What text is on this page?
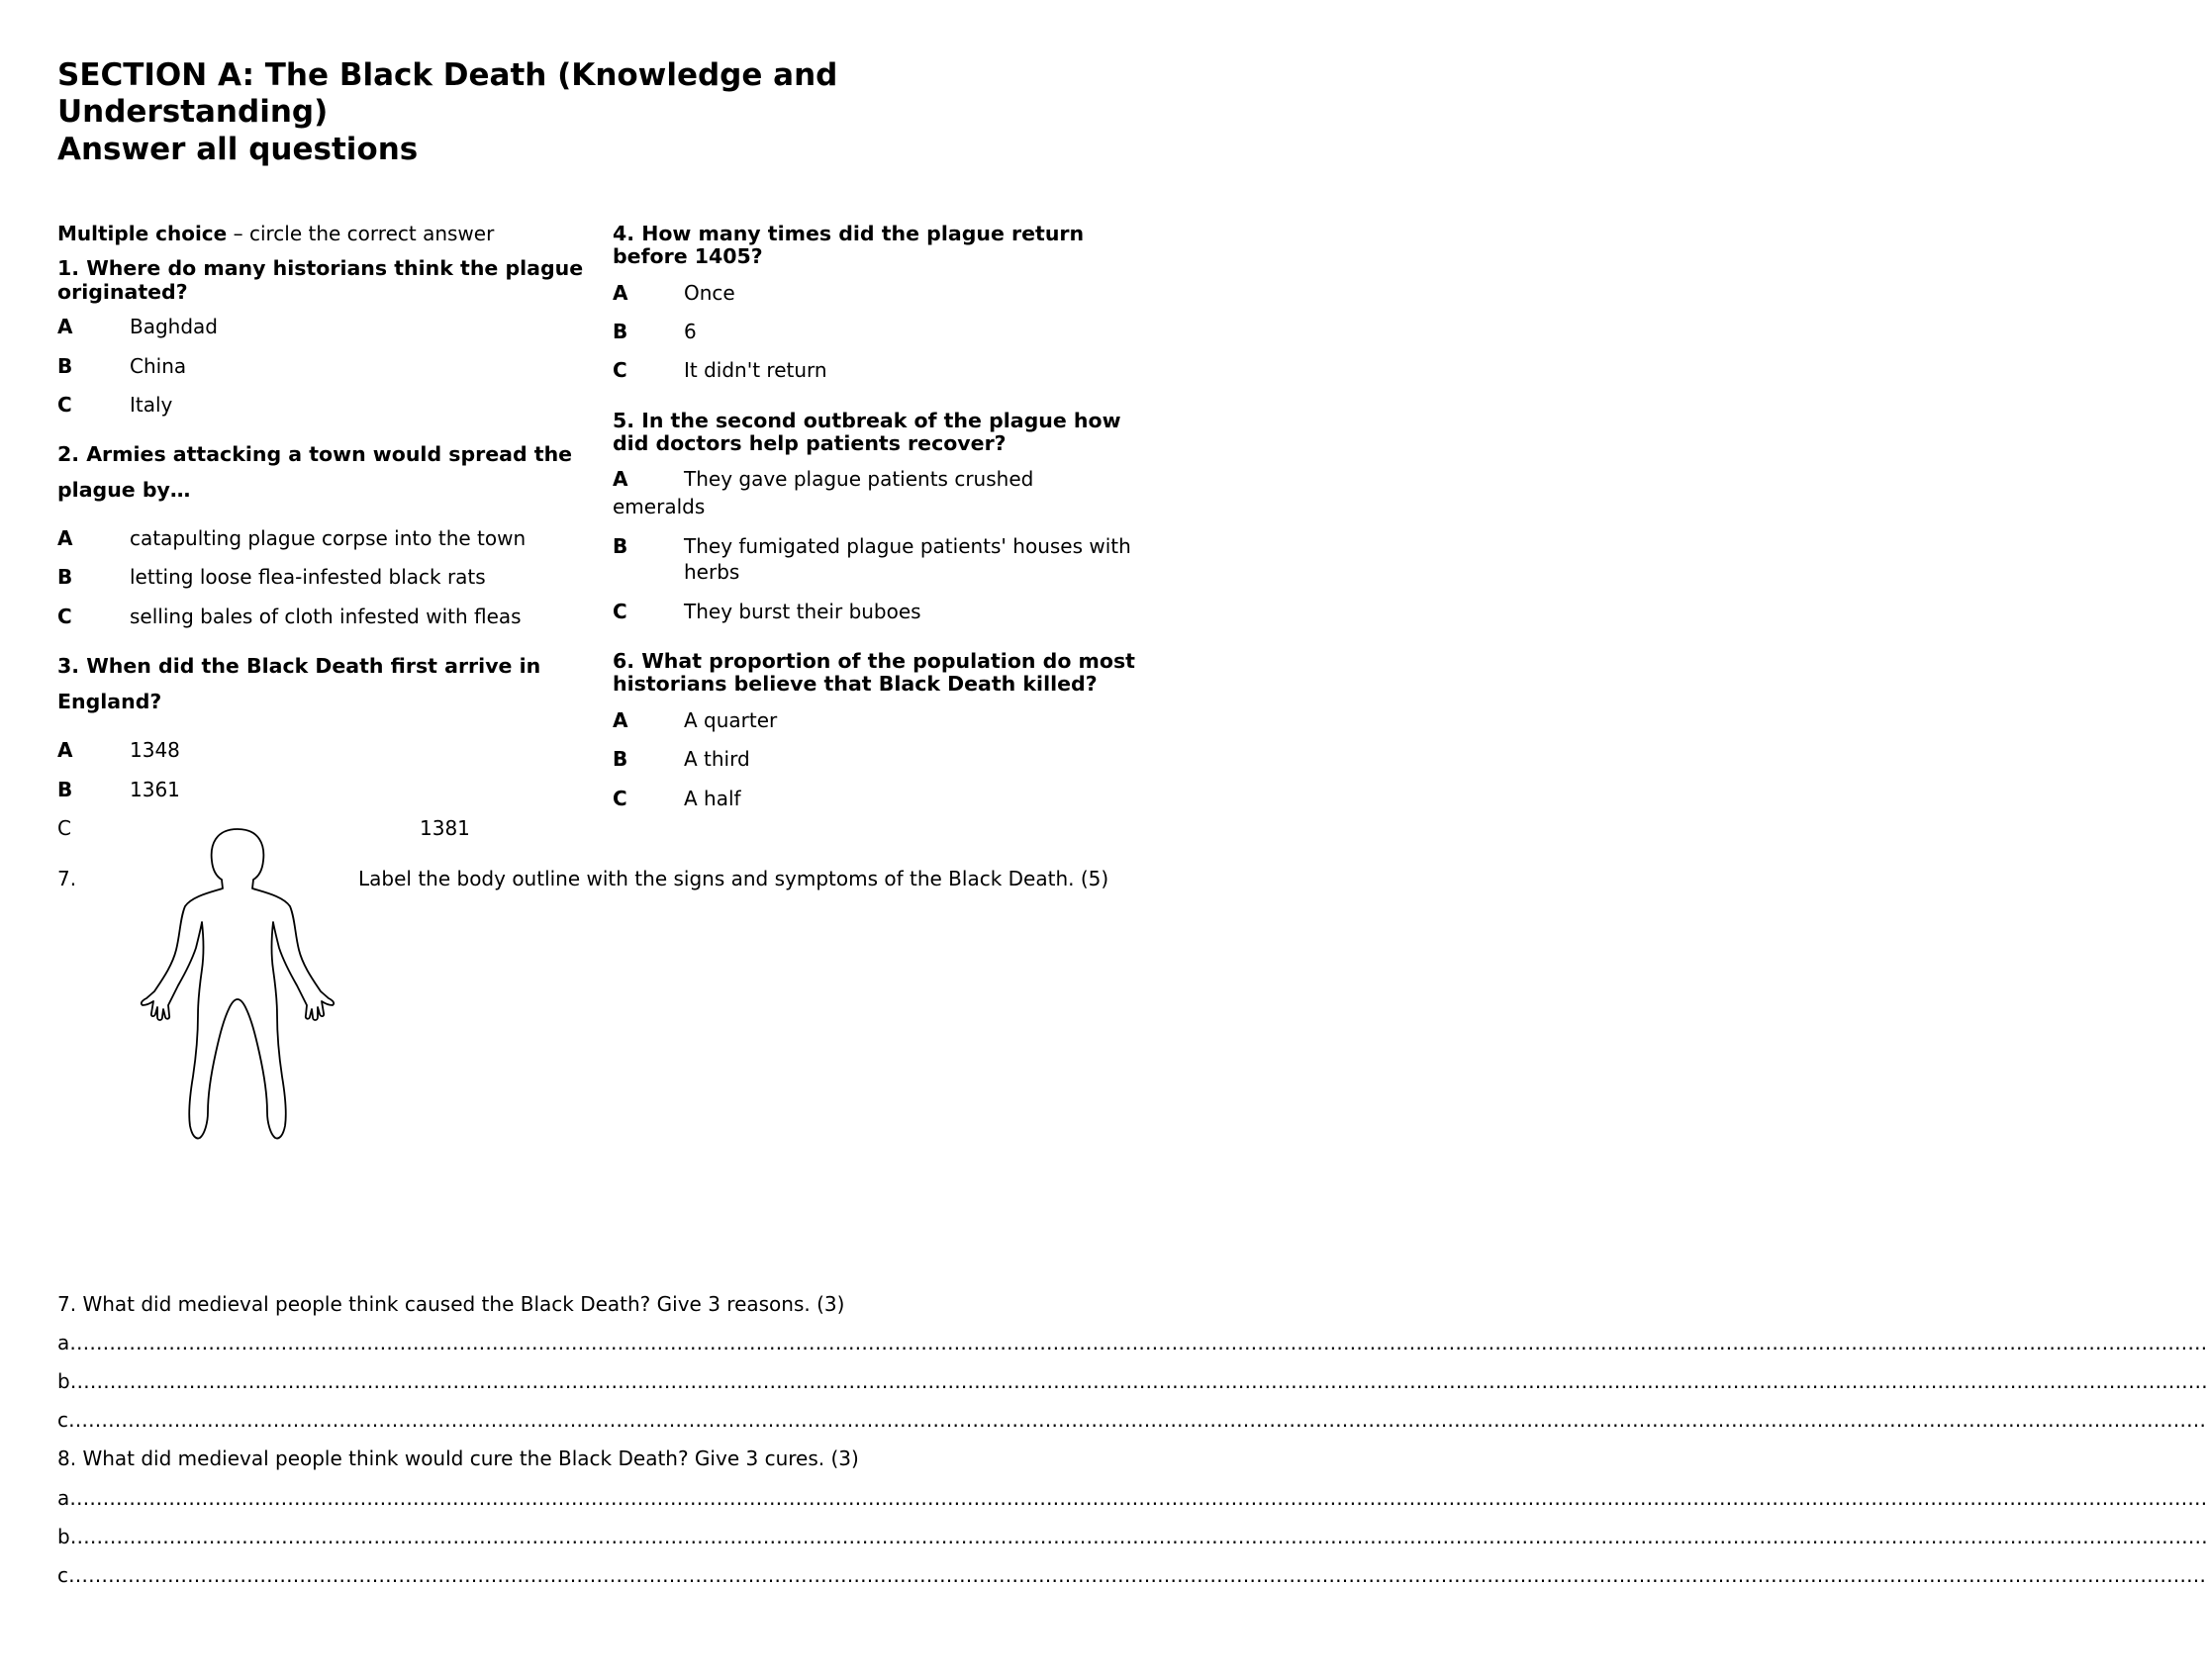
SECTION A: The Black Death (Knowledge and
Understanding)
Answer all questions
Multiple choice – circle the correct answer
1. Where do many historians think the plague
originated?
A	Baghdad
B	China
C	Italy
2. Armies attacking a town would spread the
plague by…
A	catapulting plague corpse into the town
B	letting loose flea-infested black rats
C	selling bales of cloth infested with fleas
3. When did the Black Death first arrive in
England?
A	1348
B	1361
C	1381
4. How many times did the plague return
before 1405?
A	Once
B	6
C	It didn't return
5. In the second outbreak of the plague how
did doctors help patients recover?
A	They gave plague patients crushed
emeralds
B	They fumigated plague patients' houses with
herbs
C	They burst their buboes
6. What proportion of the population do most
historians believe that Black Death killed?
A	A quarter
B	A third
C	A half
7.	Label the body outline with the signs and symptoms of the Black Death. (5)
7. What did medieval people think caused the Black Death? Give 3 reasons. (3)
a………………………………………………………………………………………………………………………………………………………………………………………………………………………………………………………………………………………………
b………………………………………………………………………………………………………………………………………………………………………………………………………………………………………………………………………………………………
c………………………………………………………………………………………………………………………………………………………………………………………………………………………………………………………………………………………………
8. What did medieval people think would cure the Black Death? Give 3 cures. (3)
a………………………………………………………………………………………………………………………………………………………………………………………………………………………………………………………………………………………………
b………………………………………………………………………………………………………………………………………………………………………………………………………………………………………………………………………………………………
c………………………………………………………………………………………………………………………………………………………………………………………………………………………………………………………………………………………………
